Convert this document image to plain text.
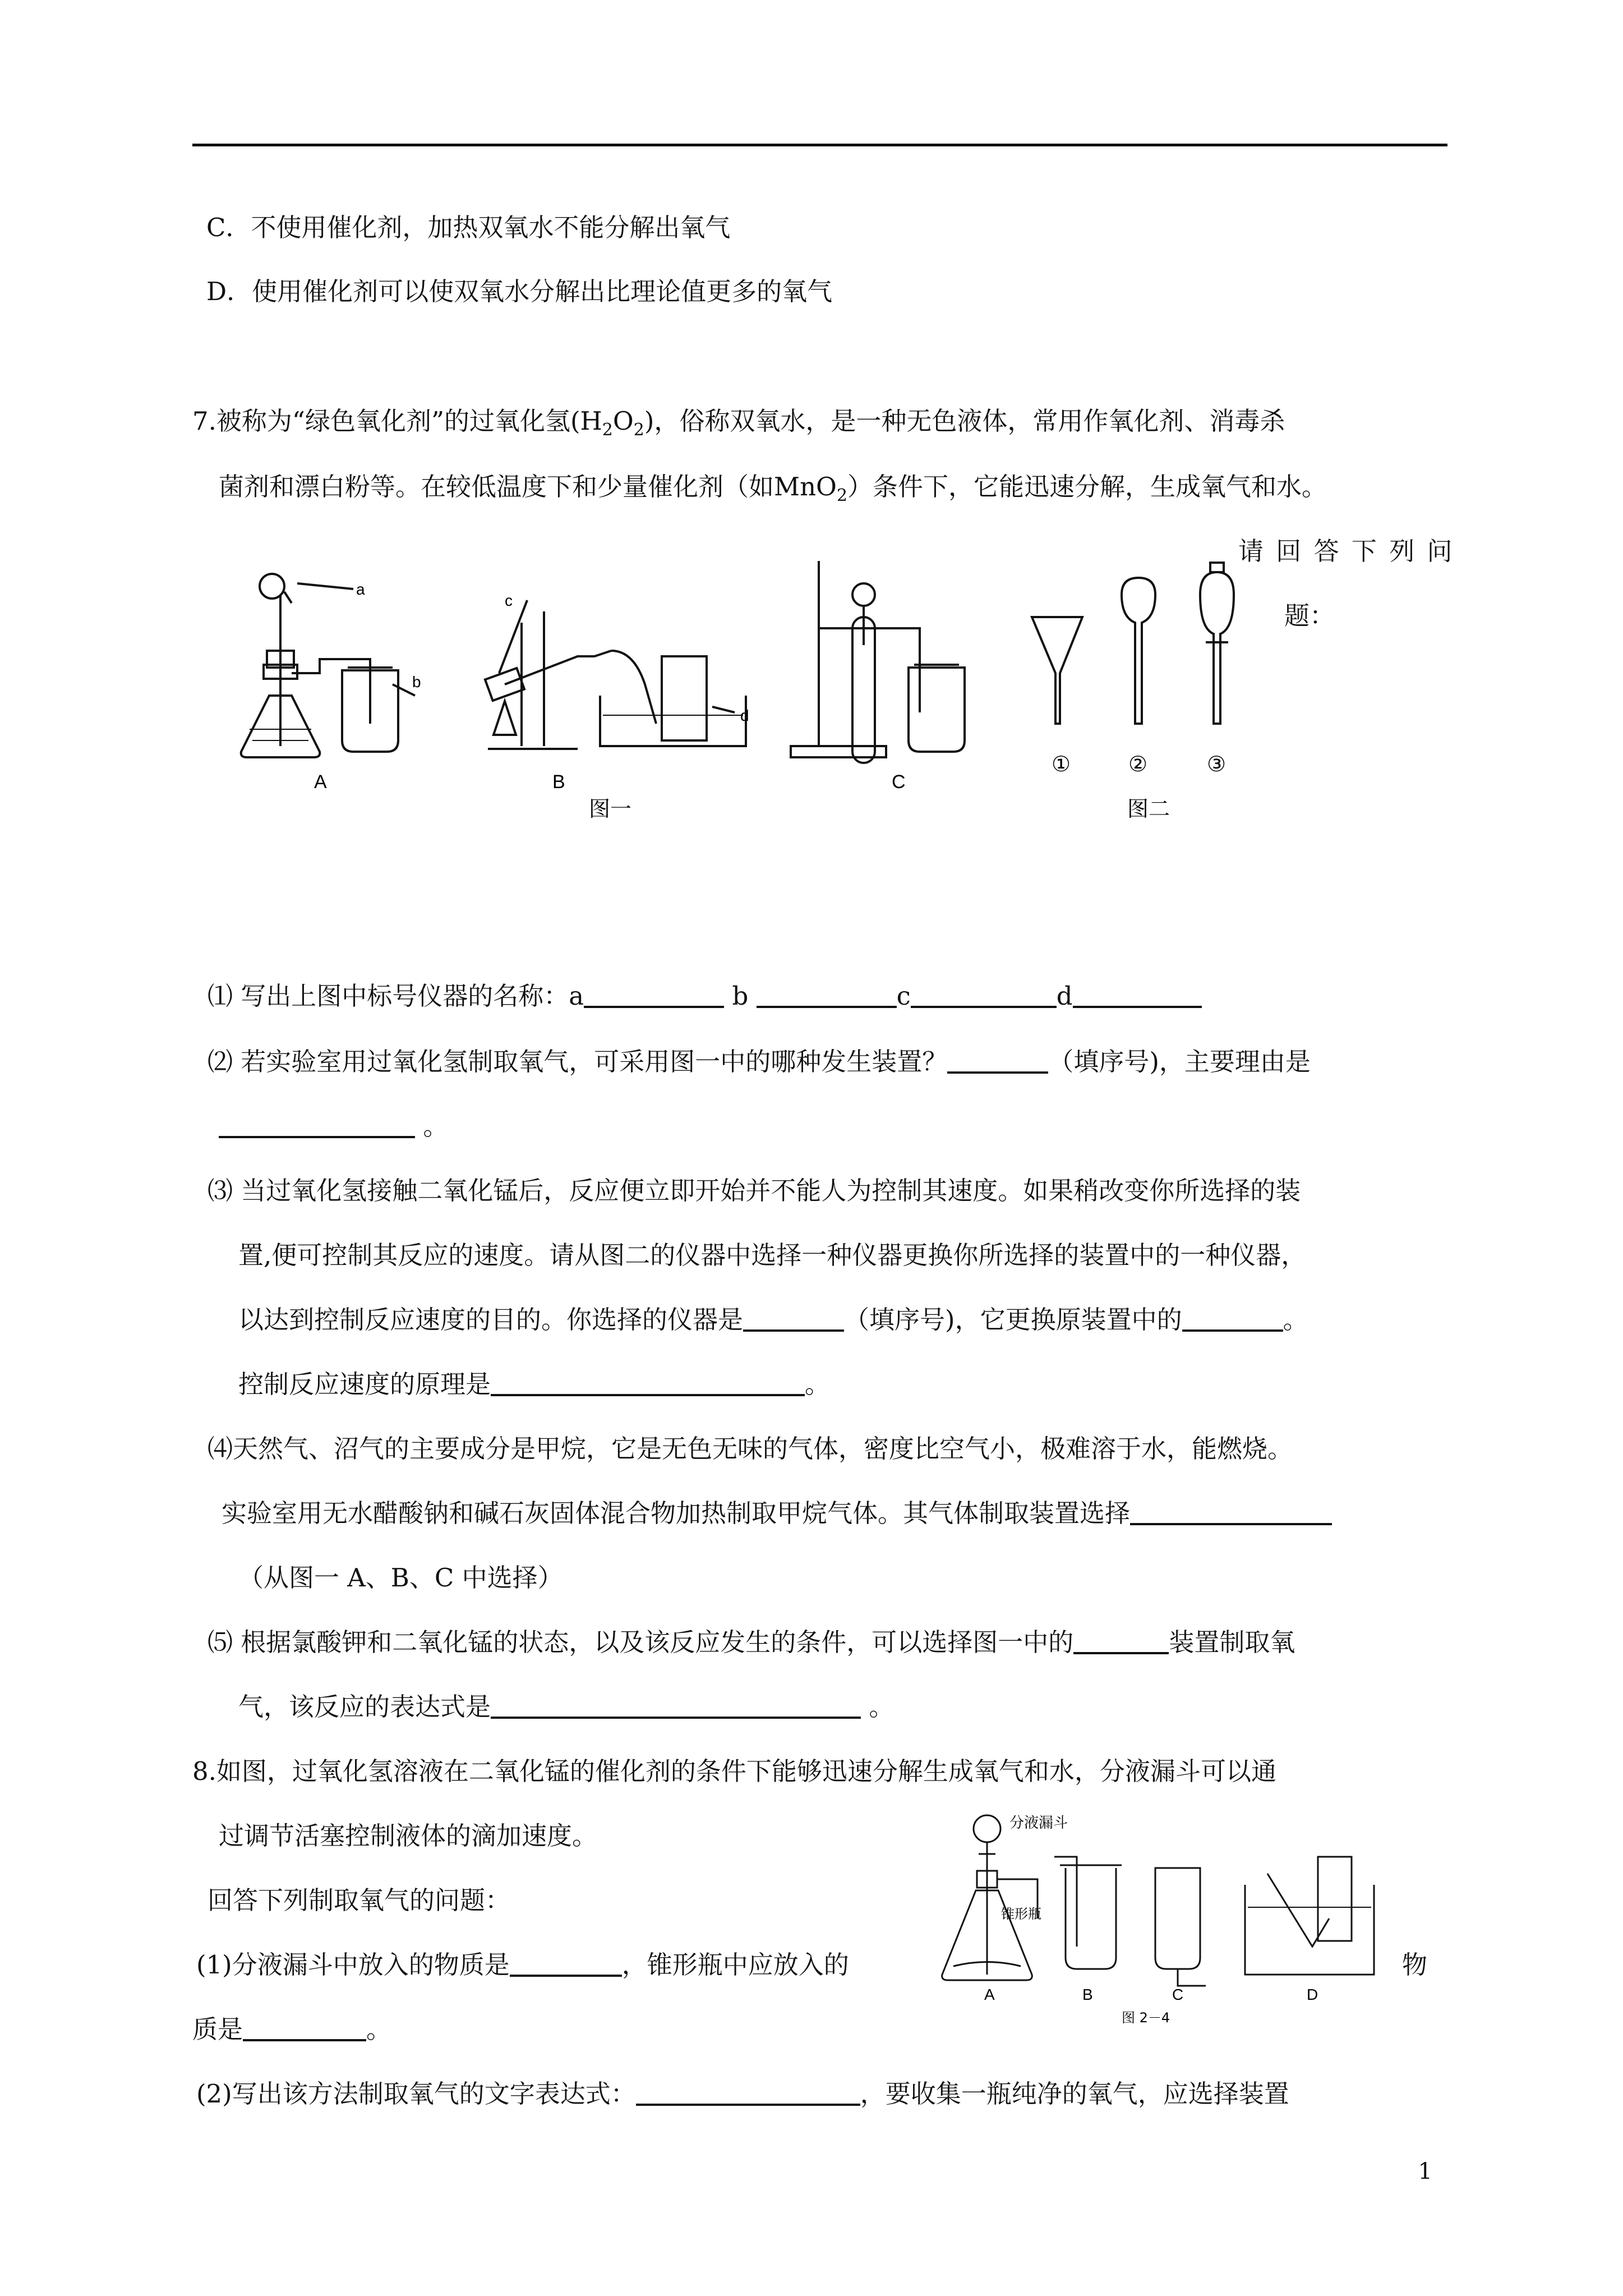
C．不使用催化剂，加热双氧水不能分解出氧气
D．使用催化剂可以使双氧水分解出比理论值更多的氧气
7.被称为“绿色氧化剂”的过氧化氢$(H_2O_2)$，俗称双氧水，是一种无色液体，常用作氧化剂、消毒杀
菌剂和漂白粉等。在较低温度下和少量催化剂（如MnO$_2$）条件下，它能迅速分解，生成氧气和水。
请 回 答 下 列 问
题：
a
b
c
d
A	B	C
图一
①	②	③
图二
⑴ 写出上图中标号仪器的名称：a	b	c	d
⑵ 若实验室用过氧化氢制取氧气，可采用图一中的哪种发生装置？	（填序号)，主要理由是
。
⑶ 当过氧化氢接触二氧化锰后，反应便立即开始并不能人为控制其速度。如果稍改变你所选择的装
置,便可控制其反应的速度。请从图二的仪器中选择一种仪器更换你所选择的装置中的一种仪器，
以达到控制反应速度的目的。你选择的仪器是	（填序号)，它更换原装置中的	。
控制反应速度的原理是	。
⑷天然气、沼气的主要成分是甲烷，它是无色无味的气体，密度比空气小，极难溶于水，能燃烧。
实验室用无水醋酸钠和碱石灰固体混合物加热制取甲烷气体。其气体制取装置选择
（从图一 A、B、C 中选择）
⑸ 根据氯酸钾和二氧化锰的状态，以及该反应发生的条件，可以选择图一中的	装置制取氧
气，该反应的表达式是	。
8.如图，过氧化氢溶液在二氧化锰的催化剂的条件下能够迅速分解生成氧气和水，分液漏斗可以通
过调节活塞控制液体的滴加速度。
回答下列制取氧气的问题：
(1)分液漏斗中放入的物质是	，锥形瓶中应放入的	物
质是	。
(2)写出该方法制取氧气的文字表达式：	，要收集一瓶纯净的氧气，应选择装置
分液漏斗
锥形瓶
A	B	C	D
图 2－4
1
